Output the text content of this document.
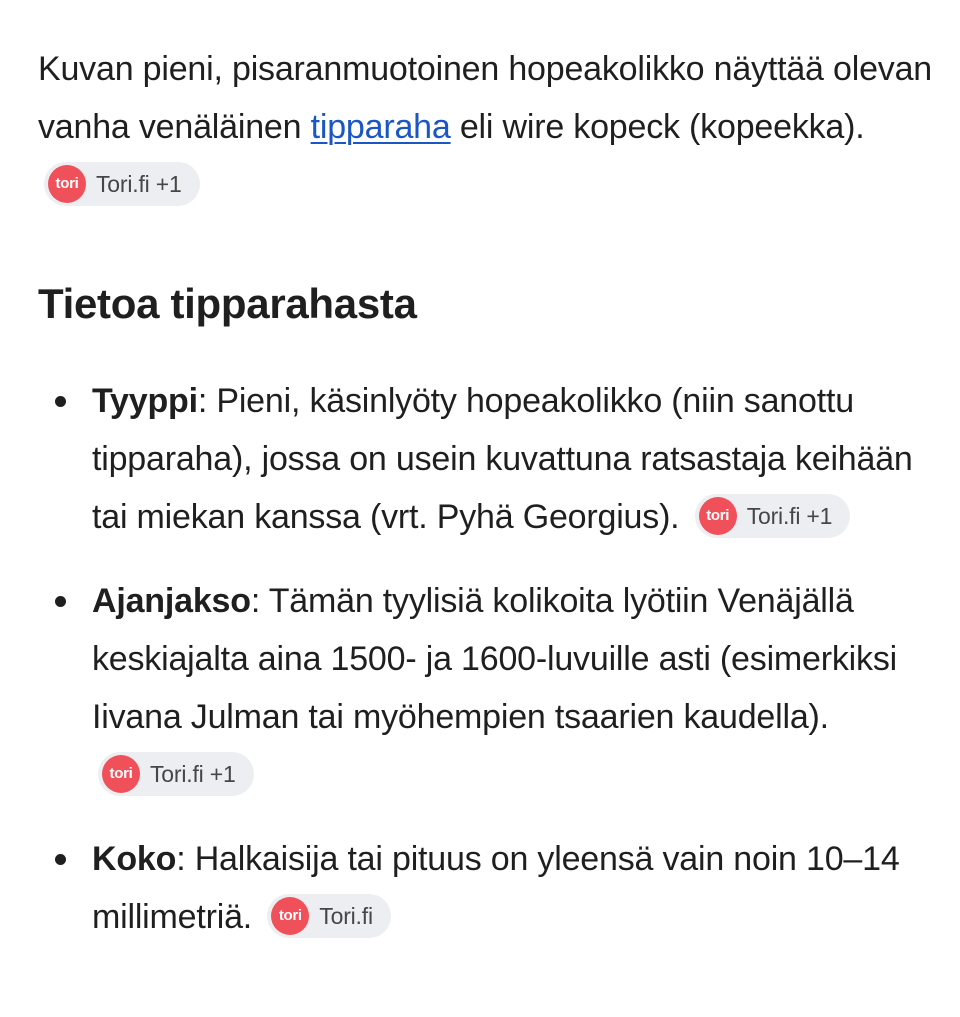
Kuvan pieni, pisaranmuotoinen hopeakolikko näyttää olevan vanha venäläinen tipparaha eli wire kopeck (kopeekka).
tori Tori.fi +1

Tietoa tipparahasta
Tyyppi: Pieni, käsinlyöty hopeakolikko (niin sanottu tipparaha), jossa on usein kuvattuna ratsastaja keihään tai miekan kanssa (vrt. Pyhä Georgius).	tori Tori.fi +1
Ajanjakso: Tämän tyylisiä kolikoita lyötiin Venäjällä keskiajalta aina 1500- ja 1600-luvuille asti (esimerkiksi Iivana Julman tai myöhempien tsaarien kaudella).
tori Tori.fi +1
Koko: Halkaisija tai pituus on yleensä vain noin 10–14 millimetriä.	tori Tori.fi
